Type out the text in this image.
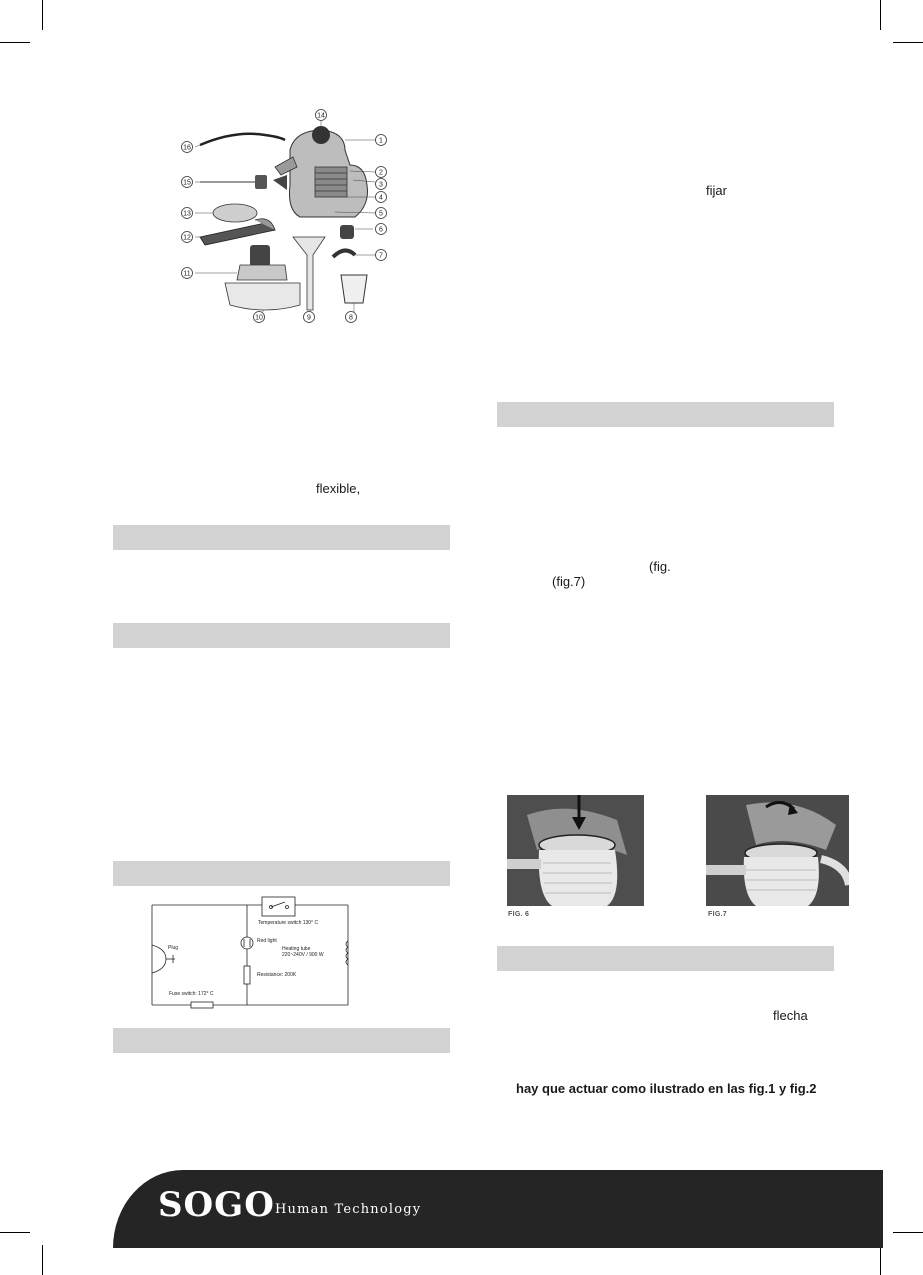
14
1
2
3
4
5
6
7
8
9
10
11
12
13
15
16
flexible,
Temperature switch 130° C
Red light
Heating tube
220~240V / 900 W
Resistance: 200K
Plug
Fuse switch: 172° C
fijar
(fig.
(fig.7)
FIG. 6	FIG.7
flecha
hay que actuar como ilustrado en las fig.1 y fig.2
SOGO Human Technology
